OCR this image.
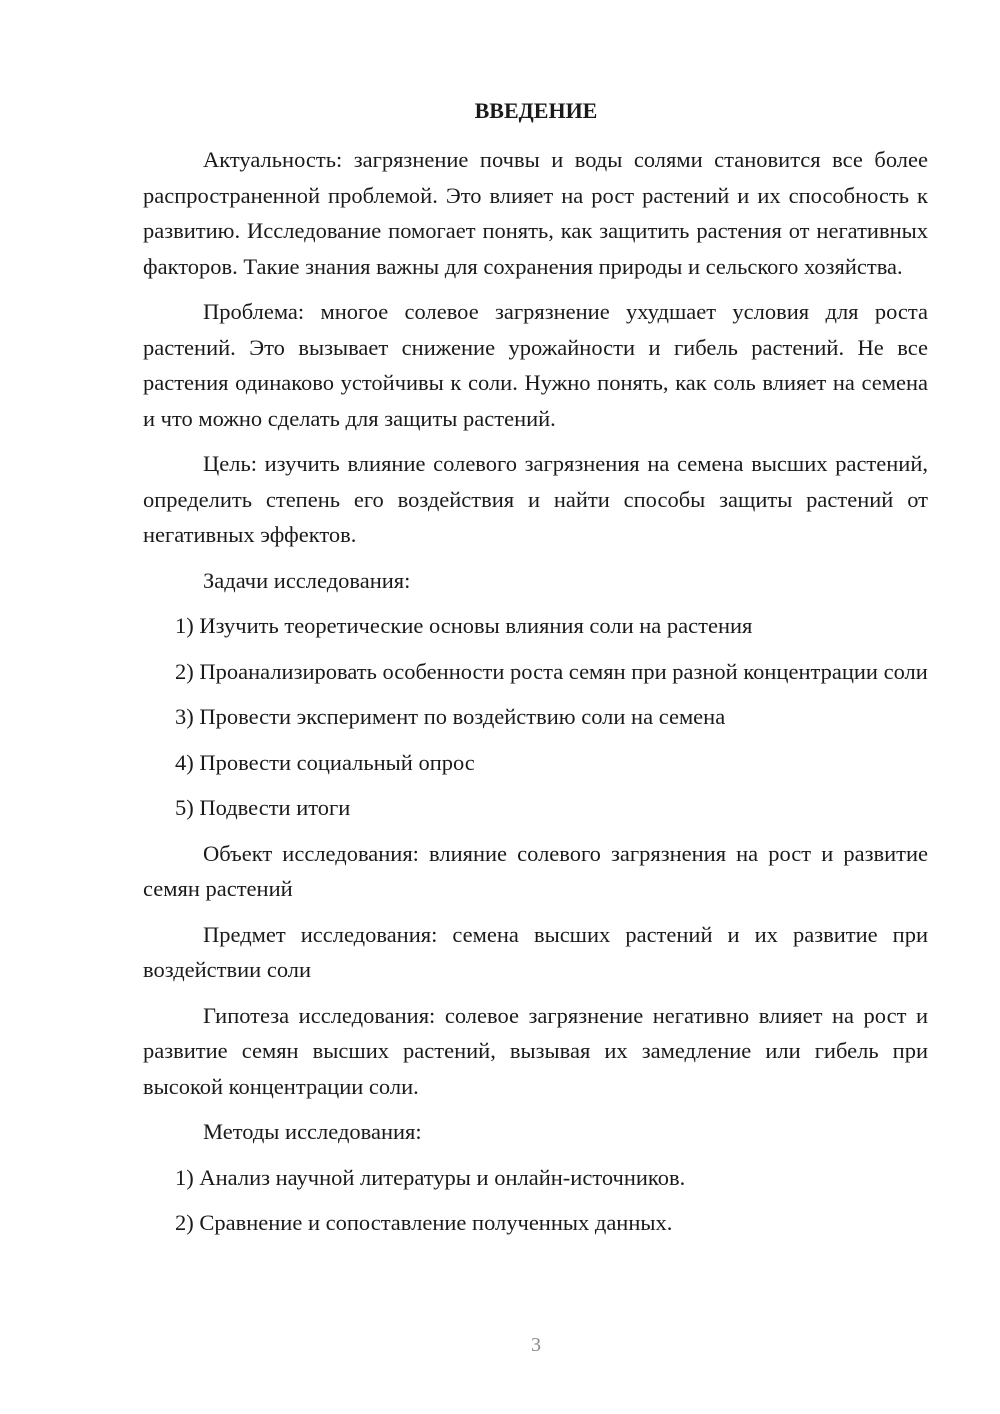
ВВЕДЕНИЕ

Актуальность: загрязнение почвы и воды солями становится все более распространенной проблемой. Это влияет на рост растений и их способность к развитию. Исследование помогает понять, как защитить растения от негативных факторов. Такие знания важны для сохранения природы и сельского хозяйства.

Проблема: многое солевое загрязнение ухудшает условия для роста растений. Это вызывает снижение урожайности и гибель растений. Не все растения одинаково устойчивы к соли. Нужно понять, как соль влияет на семена и что можно сделать для защиты растений.

Цель: изучить влияние солевого загрязнения на семена высших растений, определить степень его воздействия и найти способы защиты растений от негативных эффектов.

Задачи исследования:

1) Изучить теоретические основы влияния соли на растения

2) Проанализировать особенности роста семян при разной концентрации соли

3) Провести эксперимент по воздействию соли на семена

4) Провести социальный опрос

5) Подвести итоги

Объект исследования: влияние солевого загрязнения на рост и развитие семян растений

Предмет исследования: семена высших растений и их развитие при воздействии соли

Гипотеза исследования: солевое загрязнение негативно влияет на рост и развитие семян высших растений, вызывая их замедление или гибель при высокой концентрации соли.

Методы исследования:

1) Анализ научной литературы и онлайн-источников.

2) Сравнение и сопоставление полученных данных.

3
